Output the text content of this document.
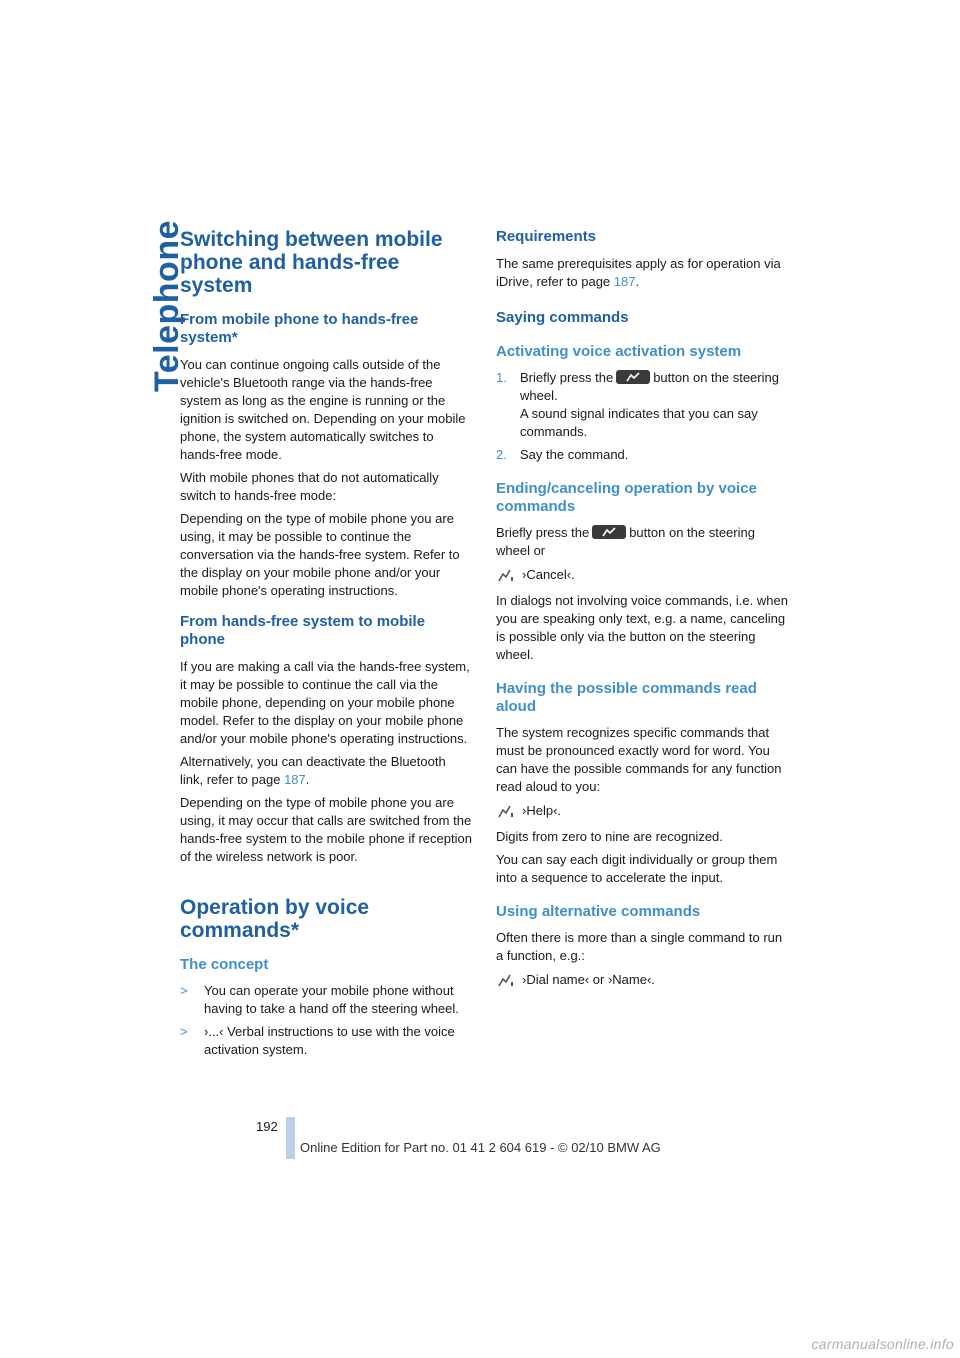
Telephone
Switching between mobile phone and hands-free system
From mobile phone to hands-free system*

You can continue ongoing calls outside of the vehicle's Bluetooth range via the hands-free system as long as the engine is running or the ignition is switched on. Depending on your mobile phone, the system automatically switches to hands-free mode.

With mobile phones that do not automatically switch to hands-free mode:

Depending on the type of mobile phone you are using, it may be possible to continue the conversation via the hands-free system. Refer to the display on your mobile phone and/or your mobile phone's operating instructions.

From hands-free system to mobile phone

If you are making a call via the hands-free system, it may be possible to continue the call via the mobile phone, depending on your mobile phone model. Refer to the display on your mobile phone and/or your mobile phone's operating instructions.

Alternatively, you can deactivate the Bluetooth link, refer to page 187.

Depending on the type of mobile phone you are using, it may occur that calls are switched from the hands-free system to the mobile phone if reception of the wireless network is poor.

Operation by voice commands*
The concept
> You can operate your mobile phone without having to take a hand off the steering wheel.
> ›...‹ Verbal instructions to use with the voice activation system.
Requirements

The same prerequisites apply as for operation via iDrive, refer to page 187.

Saying commands
Activating voice activation system
1. Briefly press the	button on the steering wheel.
A sound signal indicates that you can say commands.
2. Say the command.
Ending/canceling operation by voice commands

Briefly press the	button on the steering wheel or

›Cancel‹.

In dialogs not involving voice commands, i.e. when you are speaking only text, e.g. a name, canceling is possible only via the button on the steering wheel.

Having the possible commands read aloud

The system recognizes specific commands that must be pronounced exactly word for word. You can have the possible commands for any function read aloud to you:

›Help‹.

Digits from zero to nine are recognized.

You can say each digit individually or group them into a sequence to accelerate the input.

Using alternative commands

Often there is more than a single command to run a function, e.g.:

›Dial name‹ or ›Name‹.
192
Online Edition for Part no. 01 41 2 604 619 - © 02/10 BMW AG
carmanualsonline.info
